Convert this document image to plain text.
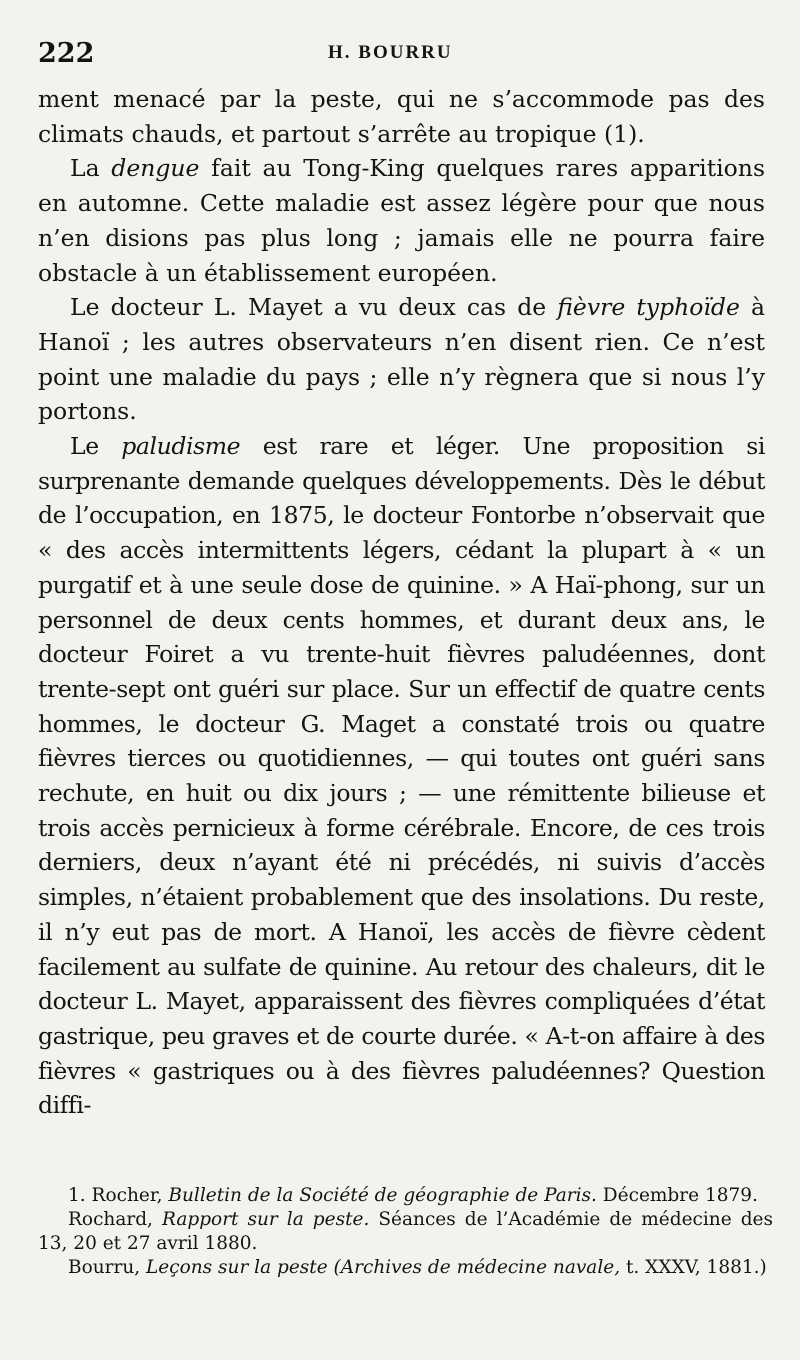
222	H. BOURRU

ment menacé par la peste, qui ne s’accommode pas des climats chauds, et partout s’arrête au tropique (1).

La dengue fait au Tong-King quelques rares apparitions en automne. Cette maladie est assez légère pour que nous n’en disions pas plus long ; jamais elle ne pourra faire obstacle à un établissement européen.

Le docteur L. Mayet a vu deux cas de fièvre typhoïde à Hanoï ; les autres observateurs n’en disent rien. Ce n’est point une maladie du pays ; elle n’y règnera que si nous l’y portons.

Le paludisme est rare et léger. Une proposition si surprenante demande quelques développements. Dès le début de l’occupation, en 1875, le docteur Fontorbe n’observait que « des accès intermittents légers, cédant la plupart à « un purgatif et à une seule dose de quinine. » A Haï-phong, sur un personnel de deux cents hommes, et durant deux ans, le docteur Foiret a vu trente-huit fièvres paludéennes, dont trente-sept ont guéri sur place. Sur un effectif de quatre cents hommes, le docteur G. Maget a constaté trois ou quatre fièvres tierces ou quotidiennes, — qui toutes ont guéri sans rechute, en huit ou dix jours ; — une rémittente bilieuse et trois accès pernicieux à forme cérébrale. Encore, de ces trois derniers, deux n’ayant été ni précédés, ni suivis d’accès simples, n’étaient probablement que des insolations. Du reste, il n’y eut pas de mort. A Hanoï, les accès de fièvre cèdent facilement au sulfate de quinine. Au retour des chaleurs, dit le docteur L. Mayet, apparaissent des fièvres compliquées d’état gastrique, peu graves et de courte durée. « A-t-on affaire à des fièvres « gastriques ou à des fièvres paludéennes? Question diffi-

1. Rocher, Bulletin de la Société de géographie de Paris. Décembre 1879.

Rochard, Rapport sur la peste. Séances de l’Académie de médecine des 13, 20 et 27 avril 1880.

Bourru, Leçons sur la peste (Archives de médecine navale, t. XXXV, 1881.)
